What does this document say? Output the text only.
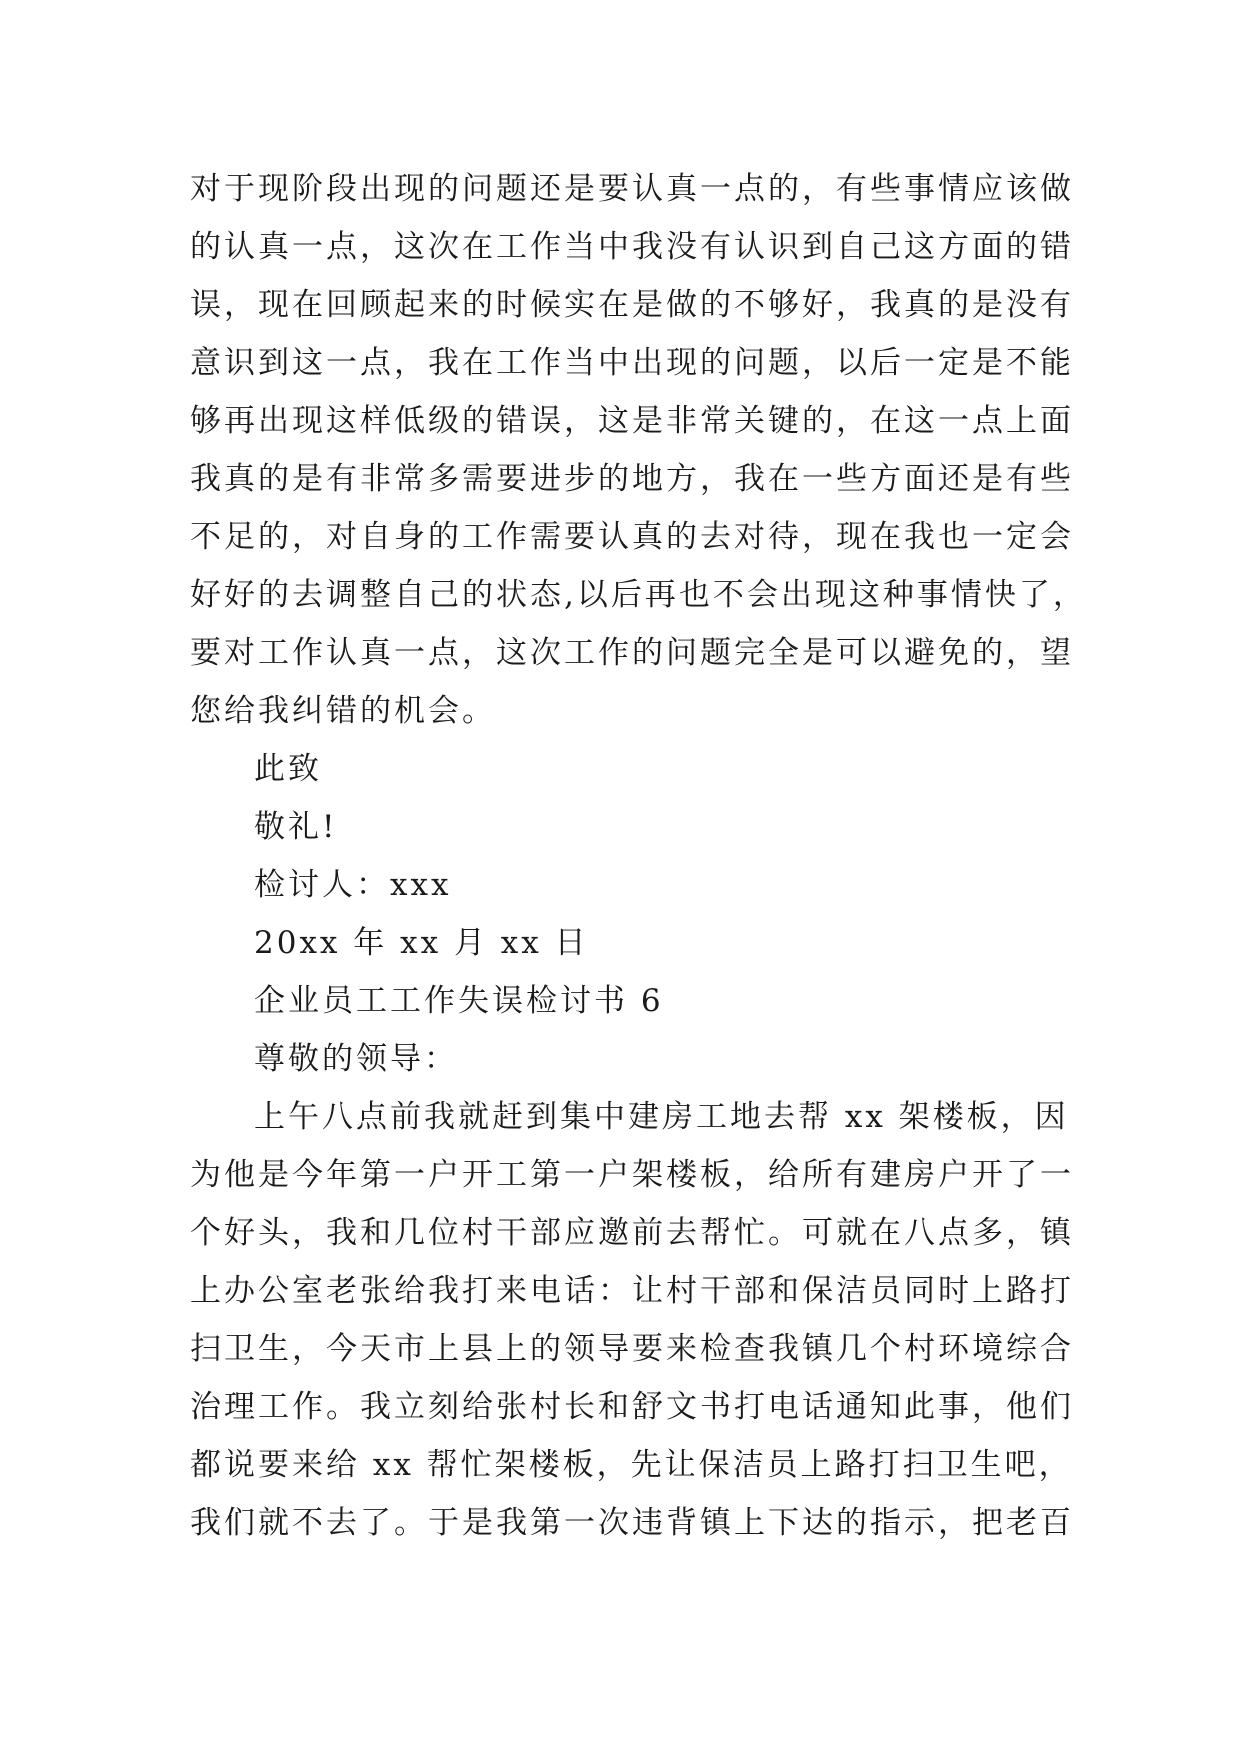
对于现阶段出现的问题还是要认真一点的，有些事情应该做
的认真一点，这次在工作当中我没有认识到自己这方面的错
误，现在回顾起来的时候实在是做的不够好，我真的是没有
意识到这一点，我在工作当中出现的问题，以后一定是不能
够再出现这样低级的错误，这是非常关键的，在这一点上面
我真的是有非常多需要进步的地方，我在一些方面还是有些
不足的，对自身的工作需要认真的去对待，现在我也一定会
好好的去调整自己的状态,以后再也不会出现这种事情快了，
要对工作认真一点，这次工作的问题完全是可以避免的，望
您给我纠错的机会。
此致
敬礼!
检讨人：xxx
20xx 年 xx 月 xx 日
企业员工工作失误检讨书 6
尊敬的领导：
上午八点前我就赶到集中建房工地去帮 xx 架楼板，因
为他是今年第一户开工第一户架楼板，给所有建房户开了一
个好头，我和几位村干部应邀前去帮忙。可就在八点多，镇
上办公室老张给我打来电话：让村干部和保洁员同时上路打
扫卫生，今天市上县上的领导要来检查我镇几个村环境综合
治理工作。我立刻给张村长和舒文书打电话通知此事，他们
都说要来给 xx 帮忙架楼板，先让保洁员上路打扫卫生吧，
我们就不去了。于是我第一次违背镇上下达的指示，把老百
